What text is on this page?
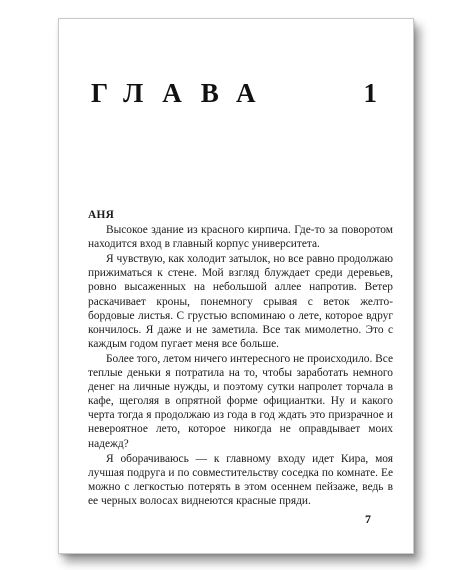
ГЛАВА	1
АНЯ

Высокое здание из красного кирпича. Где-то за поворотом находится вход в главный корпус университета.

Я чувствую, как холодит затылок, но все равно продолжаю прижиматься к стене. Мой взгляд блуждает среди деревьев, ровно высаженных на небольшой аллее напротив. Ветер раскачивает кроны, понемногу срывая с веток желто-бордовые листья. С грустью вспоминаю о лете, которое вдруг кончилось. Я даже и не заметила. Все так мимолетно. Это с каждым годом пугает меня все больше.

Более того, летом ничего интересного не происходило. Все теплые деньки я потратила на то, чтобы заработать немного денег на личные нужды, и поэтому сутки напролет торчала в кафе, щеголяя в опрятной форме официантки. Ну и какого черта тогда я продолжаю из года в год ждать это призрачное и невероятное лето, которое никогда не оправдывает моих надежд?

Я оборачиваюсь — к главному входу идет Кира, моя лучшая подруга и по совместительству соседка по комнате. Ее можно с легкостью потерять в этом осеннем пейзаже, ведь в ее черных волосах виднеются красные пряди.

7
